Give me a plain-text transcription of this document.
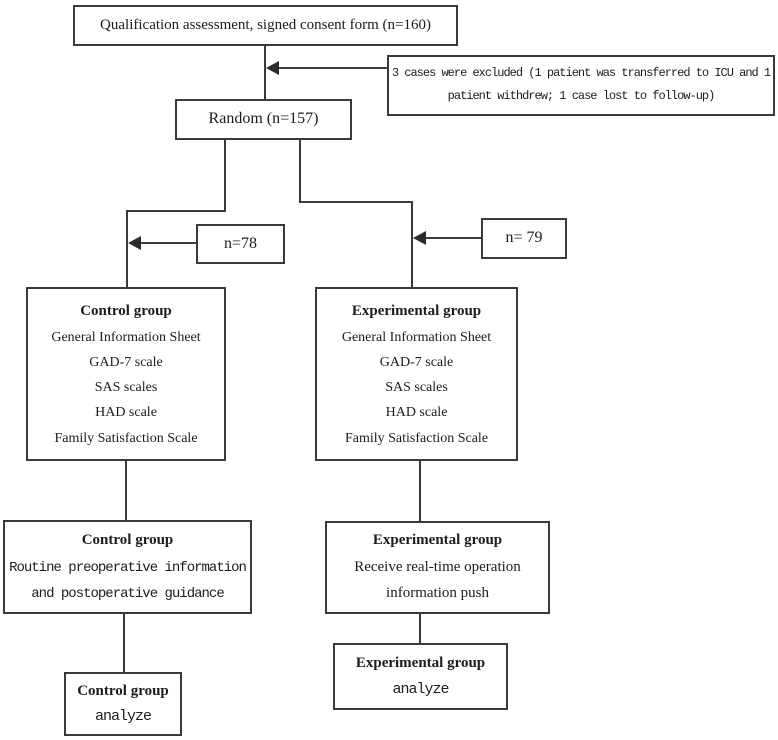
Qualification assessment, signed consent form (n=160)
3 cases were excluded (1 patient was transferred to ICU and 1
patient withdrew; 1 case lost to follow-up)
Random (n=157)
n=78	n= 79
Control group
General Information Sheet
GAD-7 scale
SAS scales
HAD scale
Family Satisfaction Scale
Experimental group
General Information Sheet
GAD-7 scale
SAS scales
HAD scale
Family Satisfaction Scale
Control group
Routine preoperative information
and postoperative guidance
Experimental group
Receive real-time operation
information push
Control group
analyze
Experimental group
analyze
